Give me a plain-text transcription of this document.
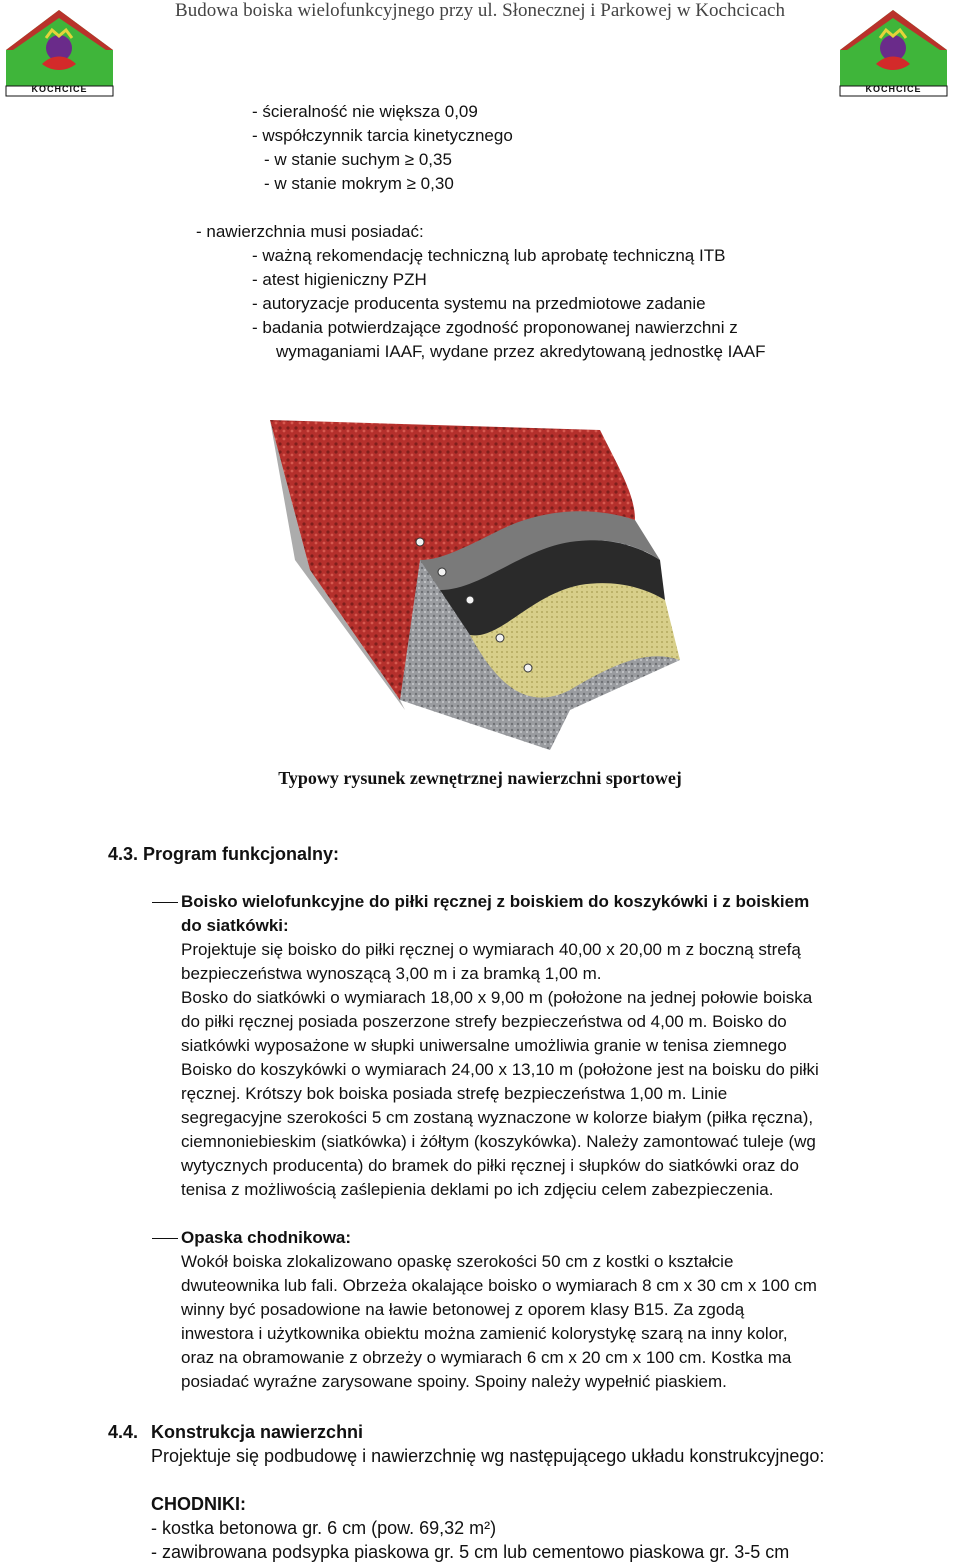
Budowa boiska wielofunkcyjnego przy ul. Słonecznej i Parkowej w Kochcicach
KOCHCICE	KOCHCICE
- ścieralność nie większa 0,09
- współczynnik tarcia kinetycznego
- w stanie suchym ≥ 0,35
- w stanie mokrym ≥ 0,30
- nawierzchnia musi posiadać:
- ważną rekomendację techniczną lub aprobatę techniczną ITB
- atest higieniczny PZH
- autoryzacje producenta systemu na przedmiotowe zadanie
- badania potwierdzające zgodność proponowanej nawierzchni z
wymaganiami IAAF, wydane przez akredytowaną jednostkę IAAF
Typowy rysunek zewnętrznej nawierzchni sportowej
4.3. Program funkcjonalny:
Boisko wielofunkcyjne do piłki ręcznej z boiskiem do koszykówki i z boiskiem
do siatkówki:
Projektuje się boisko do piłki ręcznej o wymiarach 40,00 x 20,00 m z boczną strefą
bezpieczeństwa wynoszącą 3,00 m i za bramką 1,00 m.
Bosko do siatkówki o wymiarach 18,00 x 9,00 m (położone na jednej połowie boiska
do piłki ręcznej posiada poszerzone strefy bezpieczeństwa od 4,00 m. Boisko do
siatkówki wyposażone w słupki uniwersalne umożliwia granie w tenisa ziemnego
Boisko do koszykówki o wymiarach 24,00 x 13,10 m (położone jest na boisku do piłki
ręcznej. Krótszy bok boiska posiada strefę bezpieczeństwa 1,00 m. Linie
segregacyjne szerokości 5 cm zostaną wyznaczone w kolorze białym (piłka ręczna),
ciemnoniebieskim (siatkówka) i żółtym (koszykówka). Należy zamontować tuleje (wg
wytycznych producenta) do bramek do piłki ręcznej i słupków do siatkówki oraz do
tenisa z możliwością zaślepienia deklami po ich zdjęciu celem zabezpieczenia.
Opaska chodnikowa:
Wokół boiska zlokalizowano opaskę szerokości 50 cm z kostki o kształcie
dwuteownika lub fali. Obrzeża okalające boisko o wymiarach 8 cm x 30 cm x 100 cm
winny być posadowione na ławie betonowej z oporem klasy B15. Za zgodą
inwestora i użytkownika obiektu można zamienić kolorystykę szarą na inny kolor,
oraz na obramowanie z obrzeży o wymiarach 6 cm x 20 cm x 100 cm. Kostka ma
posiadać wyraźne zarysowane spoiny. Spoiny należy wypełnić piaskiem.
4.4. Konstrukcja nawierzchni
Projektuje się podbudowę i nawierzchnię wg następującego układu konstrukcyjnego:
CHODNIKI:
- kostka betonowa gr. 6 cm (pow. 69,32 m²)
- zawibrowana podsypka piaskowa gr. 5 cm lub cementowo piaskowa gr. 3-5 cm
